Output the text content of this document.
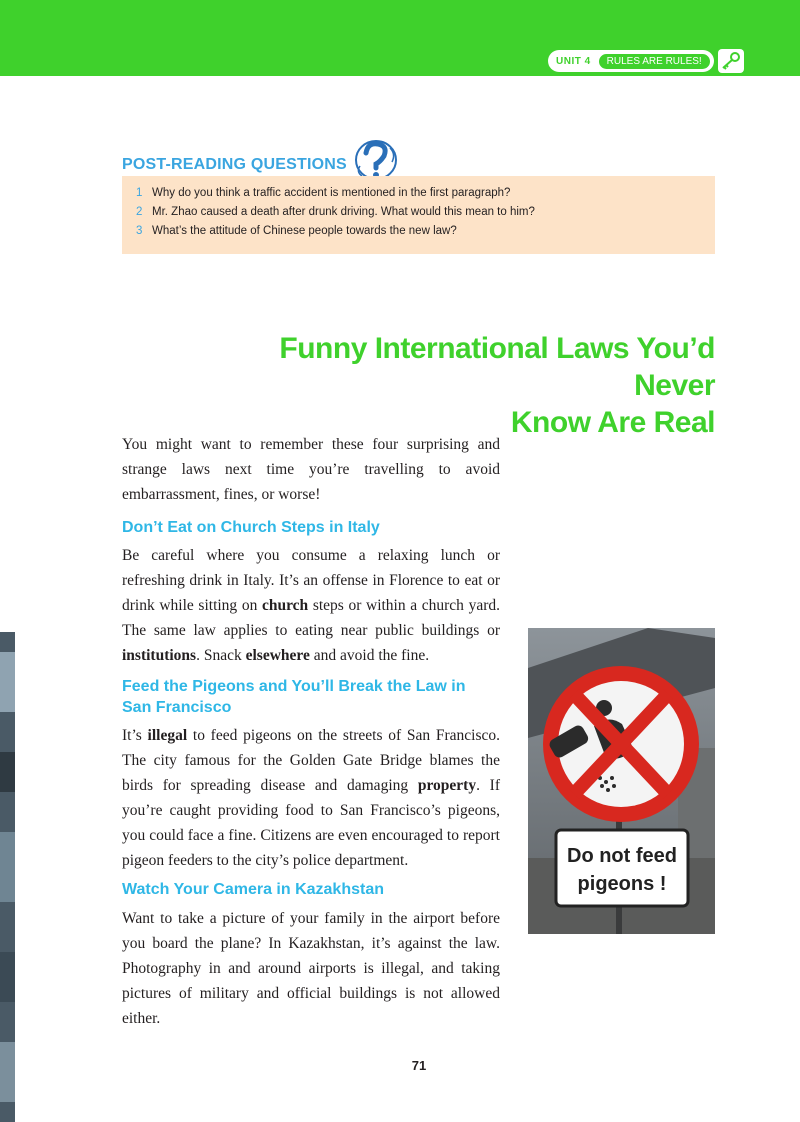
UNIT 4	RULES ARE RULES!
POST-READING QUESTIONS
1 Why do you think a traffic accident is mentioned in the first paragraph?
2 Mr. Zhao caused a death after drunk driving. What would this mean to him?
3 What’s the attitude of Chinese people towards the new law?
Funny International Laws You’d Never
Know Are Real
You might want to remember these four surprising and strange laws next time you’re travelling to avoid embarrassment, fines, or worse!
Don’t Eat on Church Steps in Italy
Be careful where you consume a relaxing lunch or refreshing drink in Italy. It’s an offense in Florence to eat or drink while sitting on church steps or within a church yard. The same law applies to eating near public buildings or institutions. Snack elsewhere and avoid the fine.
Feed the Pigeons and You’ll Break the Law in
San Francisco
It’s illegal to feed pigeons on the streets of San Francisco. The city famous for the Golden Gate Bridge blames the birds for spreading disease and damaging property. If you’re caught providing food to San Francisco’s pigeons, you could face a fine. Citizens are even encouraged to report pigeon feeders to the city’s police department.
Watch Your Camera in Kazakhstan
Want to take a picture of your family in the airport before you board the plane? In Kazakhstan, it’s against the law. Photography in and around airports is illegal, and taking pictures of military and official buildings is not allowed either.
Do not feed
pigeons !
71
